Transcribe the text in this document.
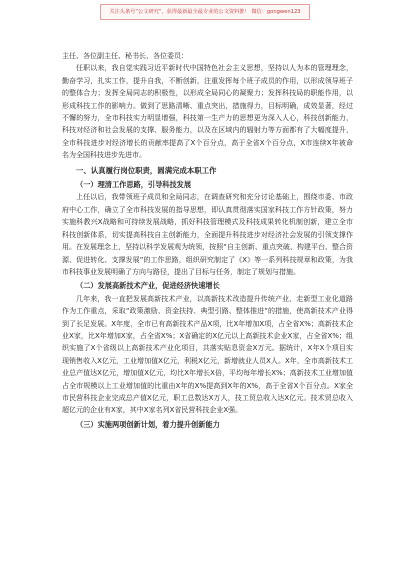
关注头条号“公文研究”，获得最新最全最专业的公文资料推！ 微信：gongwen123

主任、各位副主任、秘书长、各位委员：

任职以来，我自觉实践习近平新时代中国特色社会主义思想，坚持以人为本的管理理念，勤奋学习，扎实工作，提升自我，不断创新，注重发挥每个班子成员的作用，以形成领导班子的整体合力；发挥全局同志的积极性，以形成全局同心的凝聚力；发挥科技局的职能作用，以形成科技工作的影响力。做到了思路清晰、重点突出，措施得力，目标明确，成效显著，经过不懈的努力，全市科技实力明显增强，科技第一生产力的思想更为深入人心，科技创新能力，科技对经济和社会发展的支撑、服务能力，以及在区域内的辐射力等方面都有了大幅度提升，全市科技进步对经济增长的贡献率提高了X个百分点，高于全省X个百分点，X市连续X年被命名为全国科技进步先进市。

一、认真履行岗位职责，圆满完成本职工作

（一）理清工作思路，引导科技发展

上任以后，我带领班子成员和全局同志，在调查研究和充分讨论基础上，围绕市委、市政府中心工作，确立了全市科技发展的指导思想，即认真贯彻落实国家科技工作方针政策，努力实施科教兴X战略和可持续发展战略，抓好科技管理模式及科技成果转化机制创新，建立全市科技创新体系，切实提高科技自主创新能力，全面提升科技进步对经济社会发展的引领支撑作用。在发展理念上，坚持以科学发展观为统领，按照“自主创新、重点突破、构建平台、整合资源、促进转化、支撑发展”的工作思路，组织研究制定了《X》等一系列科技规章和政策，为我市科技事业发展明确了方向与路径，提出了目标与任务，制定了规划与措施。

（二）发展高新技术产业，促进经济快速增长

几年来，我一直把发展高新技术产业，以高新技术改造提升传统产业、走新型工业化道路作为工作重点，采取“政策激励、资金扶持、典型引路、整体推进”的措施，使高新技术产业得到了长足发展。X年度，全市已有高新技术产品X项，比X年增加X项，占全省X%；高新技术企业X家，比X年增加X家，占全省X%；X省确定的X亿元以上高新技术企业X家，占全省X%；组织实施了X个省级以上高新技术产业化项目，共落实贴息资金X万元。据统计，X年X个项目实现销售收入X亿元，工业增加值X亿元，利税X亿元，新增就业人员X人。X年，全市高新技术工业总产值达X亿元，增加值X亿元，均比X年增长X倍，平均每年增长X%；高新技术工业增加值占全市规模以上工业增加值的比重由X年的X%提高到X年的X%，高于全省X个百分点。X家全市民营科技企业完成总产值X亿元，职工总数达X万人，技工贸总收入达X亿元。技术贸总收入超亿元的企业有X家，其中X家名列X省民营科技企业X强。

（三）实施两项创新计划，着力提升创新能力
